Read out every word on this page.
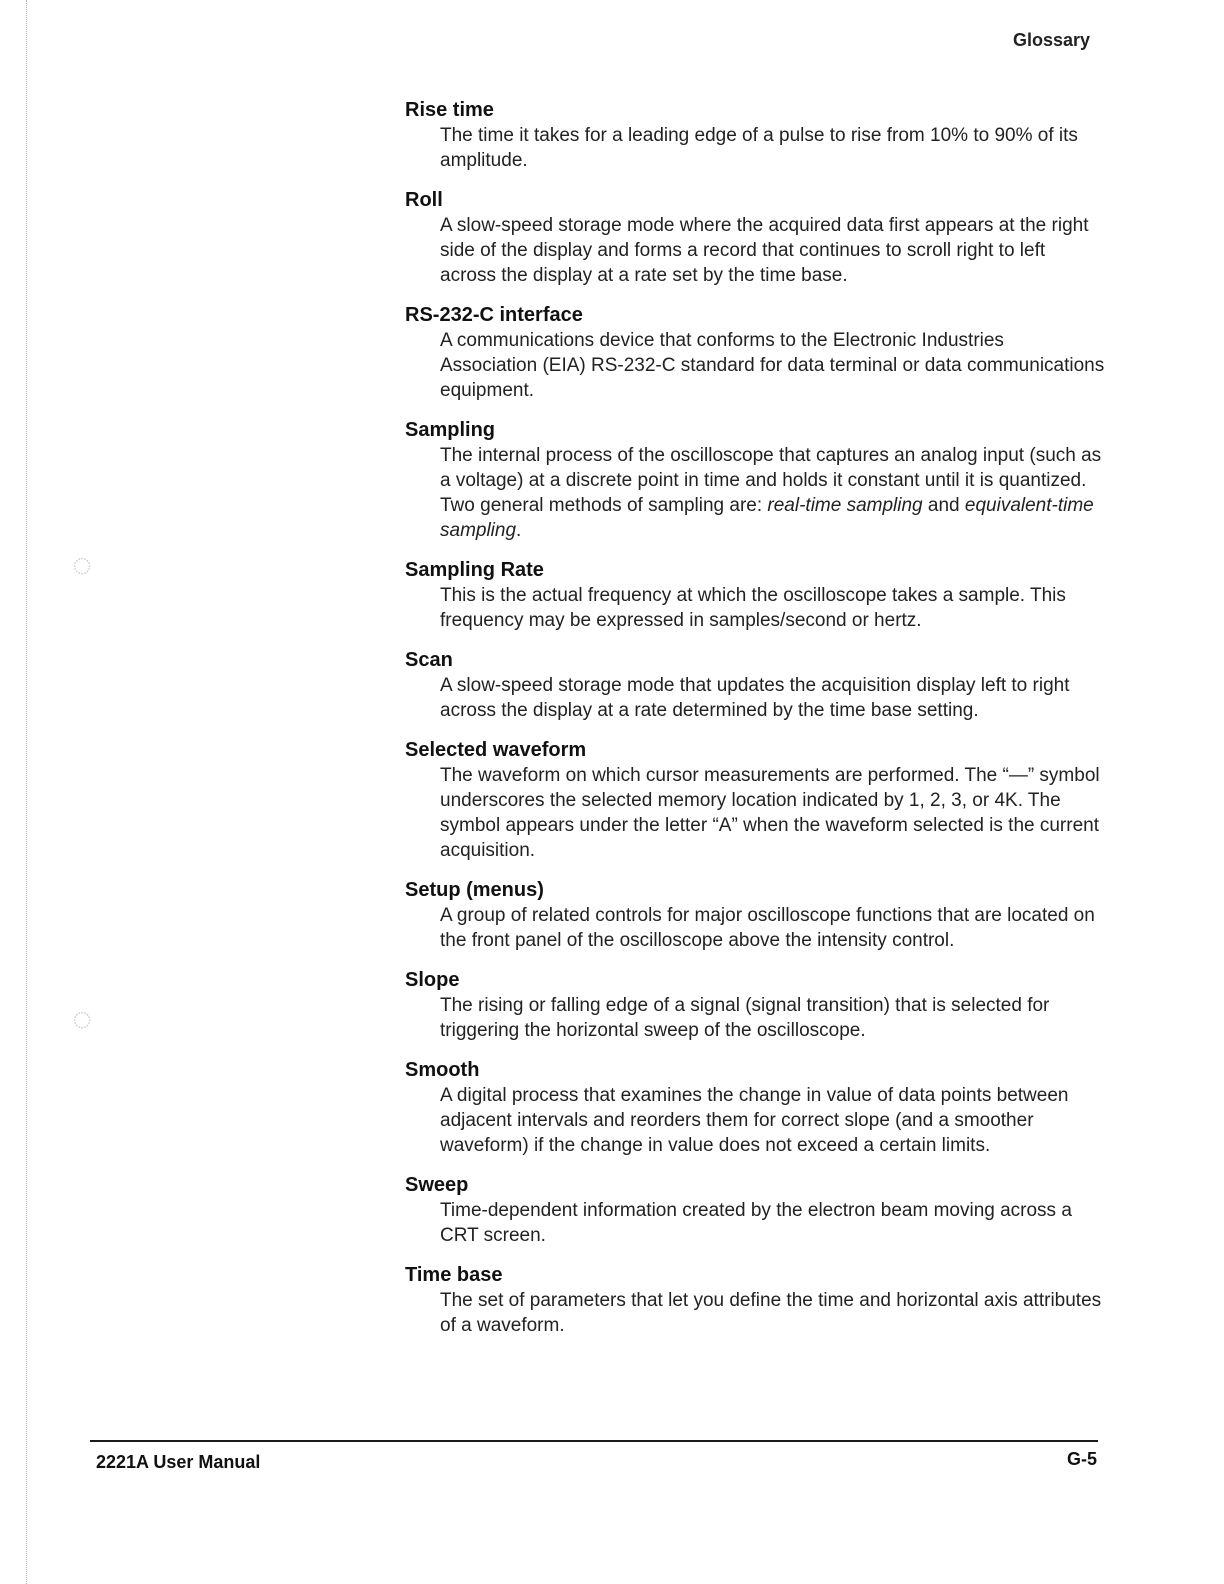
◌
◌
Glossary
Rise time
The time it takes for a leading edge of a pulse to rise from 10% to 90% of its amplitude.
Roll
A slow-speed storage mode where the acquired data first appears at the right side of the display and forms a record that continues to scroll right to left across the display at a rate set by the time base.
RS-232-C interface
A communications device that conforms to the Electronic Industries Association (EIA) RS-232-C standard for data terminal or data communications equipment.
Sampling
The internal process of the oscilloscope that captures an analog input (such as a voltage) at a discrete point in time and holds it constant until it is quantized. Two general methods of sampling are: real-time sampling and equivalent-time sampling.
Sampling Rate
This is the actual frequency at which the oscilloscope takes a sample. This frequency may be expressed in samples/second or hertz.
Scan
A slow-speed storage mode that updates the acquisition display left to right across the display at a rate determined by the time base setting.
Selected waveform
The waveform on which cursor measurements are performed. The “—” symbol underscores the selected memory location indicated by 1, 2, 3, or 4K. The symbol appears under the letter “A” when the waveform selected is the current acquisition.
Setup (menus)
A group of related controls for major oscilloscope functions that are located on the front panel of the oscilloscope above the intensity control.
Slope
The rising or falling edge of a signal (signal transition) that is selected for triggering the horizontal sweep of the oscilloscope.
Smooth
A digital process that examines the change in value of data points between adjacent intervals and reorders them for correct slope (and a smoother waveform) if the change in value does not exceed a certain limits.
Sweep
Time-dependent information created by the electron beam moving across a CRT screen.
Time base
The set of parameters that let you define the time and horizontal axis attributes of a waveform.
2221A User Manual	G-5
